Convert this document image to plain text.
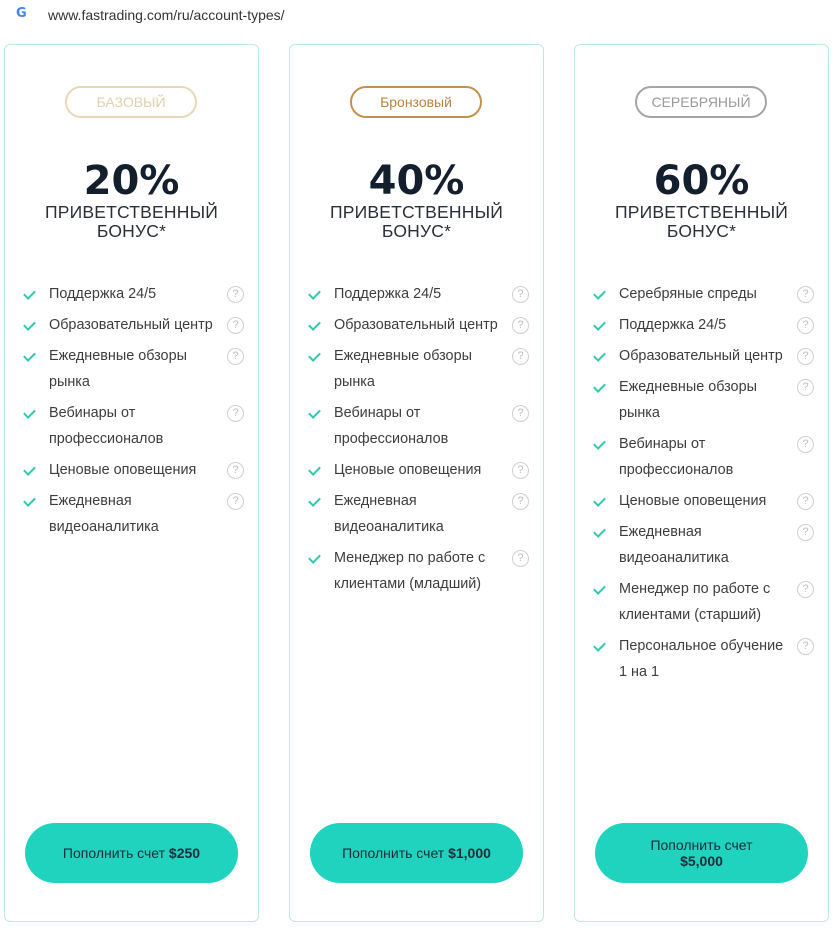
G www.fastrading.com/ru/account-types/
БАЗОВЫЙ
20%
ПРИВЕТСТВЕННЫЙ
БОНУС*
Поддержка 24/5	?
Образовательный центр	?
Ежедневные обзоры рынка
?
Вебинары от профессионалов
?
Ценовые оповещения	?
Ежедневная видеоаналитика
?
Пополнить счет $250
Бронзовый
40%
ПРИВЕТСТВЕННЫЙ
БОНУС*
Поддержка 24/5	?
Образовательный центр	?
Ежедневные обзоры рынка
?
Вебинары от профессионалов
?
Ценовые оповещения	?
Ежедневная видеоаналитика
?
Менеджер по работе с клиентами (младший)
?
Пополнить счет $1,000
СЕРЕБРЯНЫЙ
60%
ПРИВЕТСТВЕННЫЙ
БОНУС*
Серебряные спреды	?
Поддержка 24/5	?
Образовательный центр	?
Ежедневные обзоры рынка
?
Вебинары от профессионалов
?
Ценовые оповещения	?
Ежедневная видеоаналитика
?
Менеджер по работе с клиентами (старший)
?
Персональное обучение 1 на 1
?
Пополнить счет
$5,000
